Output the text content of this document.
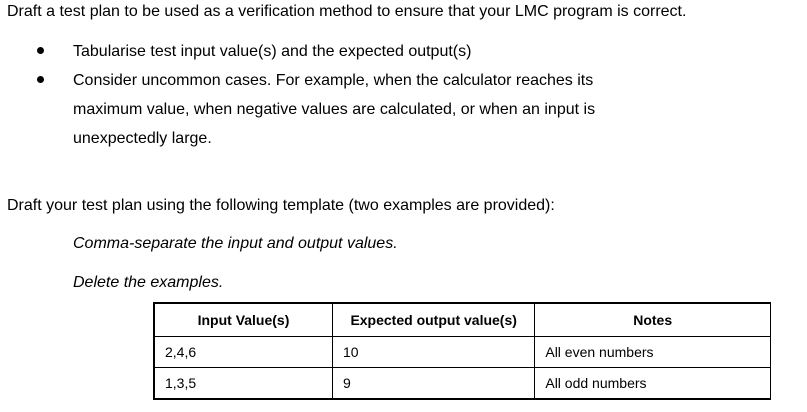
Draft a test plan to be used as a verification method to ensure that your LMC program is correct.
Tabularise test input value(s) and the expected output(s)
Consider uncommon cases. For example, when the calculator reaches its maximum value, when negative values are calculated, or when an input is unexpectedly large.
Draft your test plan using the following template (two examples are provided):
Comma-separate the input and output values.
Delete the examples.
Input Value(s)	Expected output value(s)	Notes
2,4,6	10	All even numbers
1,3,5	9	All odd numbers
